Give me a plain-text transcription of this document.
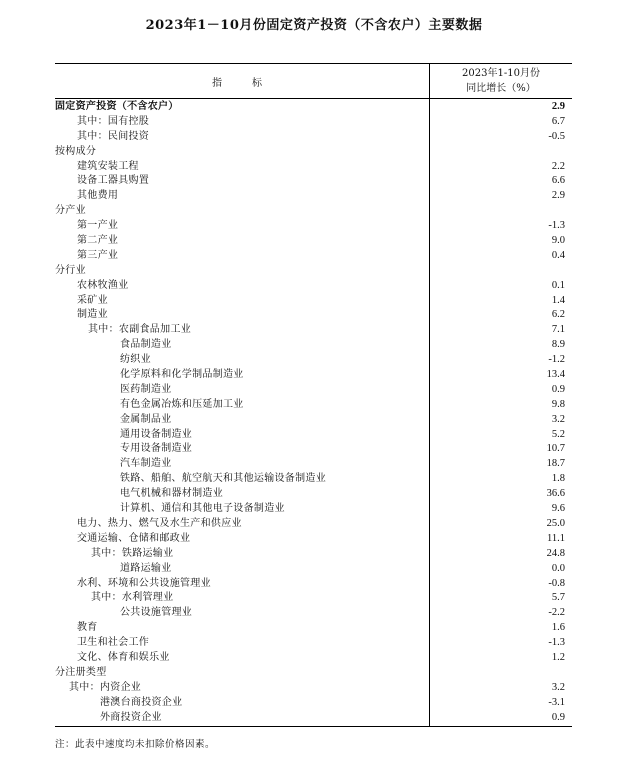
2023年1－10月份固定资产投资（不含农户）主要数据
指　标
2023年1-10月份
同比增长（%）
固定资产投资（不含农户）	2.9
其中：国有控股	6.7
其中：民间投资	-0.5
按构成分
建筑安装工程	2.2
设备工器具购置	6.6
其他费用	2.9
分产业
第一产业	-1.3
第二产业	9.0
第三产业	0.4
分行业
农林牧渔业	0.1
采矿业	1.4
制造业	6.2
其中：农副食品加工业	7.1
食品制造业	8.9
纺织业	-1.2
化学原料和化学制品制造业	13.4
医药制造业	0.9
有色金属冶炼和压延加工业	9.8
金属制品业	3.2
通用设备制造业	5.2
专用设备制造业	10.7
汽车制造业	18.7
铁路、船舶、航空航天和其他运输设备制造业	1.8
电气机械和器材制造业	36.6
计算机、通信和其他电子设备制造业	9.6
电力、热力、燃气及水生产和供应业	25.0
交通运输、仓储和邮政业	11.1
其中：铁路运输业	24.8
道路运输业	0.0
水利、环境和公共设施管理业	-0.8
其中：水利管理业	5.7
公共设施管理业	-2.2
教育	1.6
卫生和社会工作	-1.3
文化、体育和娱乐业	1.2
分注册类型
其中：内资企业	3.2
港澳台商投资企业	-3.1
外商投资企业	0.9
注：此表中速度均未扣除价格因素。
